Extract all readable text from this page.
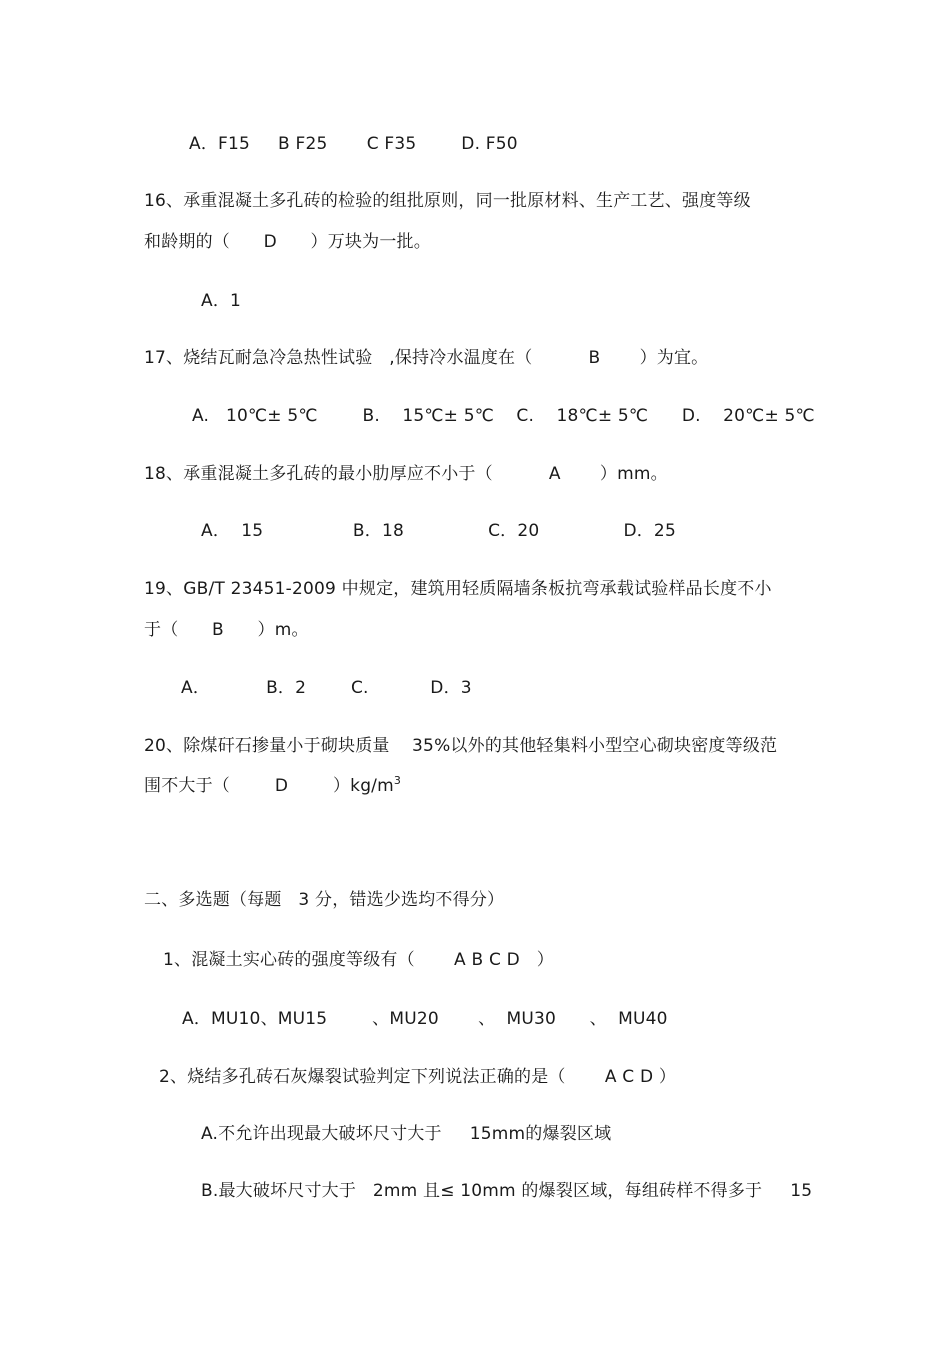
A．F15     B F25       C F35        D. F50
16、承重混凝土多孔砖的检验的组批原则，同一批原材料、生产工艺、强度等级
和龄期的（      D      ）万块为一批。
A．1
17、烧结瓦耐急冷急热性试验   ,保持冷水温度在（          B       ）为宜。
A.   10℃± 5℃        B.    15℃± 5℃    C.    18℃± 5℃      D.    20℃± 5℃
18、承重混凝土多孔砖的最小肋厚应不小于（          A       ）mm。
A．  15                B．18               C．20               D．25
19、GB/T 23451-2009 中规定，建筑用轻质隔墙条板抗弯承载试验样品长度不小
于（      B      ）m。
A．          B．2        C.           D．3
20、除煤矸石掺量小于砌块质量    35%以外的其他轻集料小型空心砌块密度等级范
围不大于（        D        ）$kg/m^3$
二、多选题（每题   3 分，错选少选均不得分）
1、混凝土实心砖的强度等级有（       A B C D   ）
A．MU10、MU15        、MU20       、  MU30      、  MU40
2、烧结多孔砖石灰爆裂试验判定下列说法正确的是（       A C D ）
A.不允许出现最大破坏尺寸大于     15mm的爆裂区域
B.最大破坏尺寸大于   2mm 且≤ 10mm 的爆裂区域，每组砖样不得多于     15
